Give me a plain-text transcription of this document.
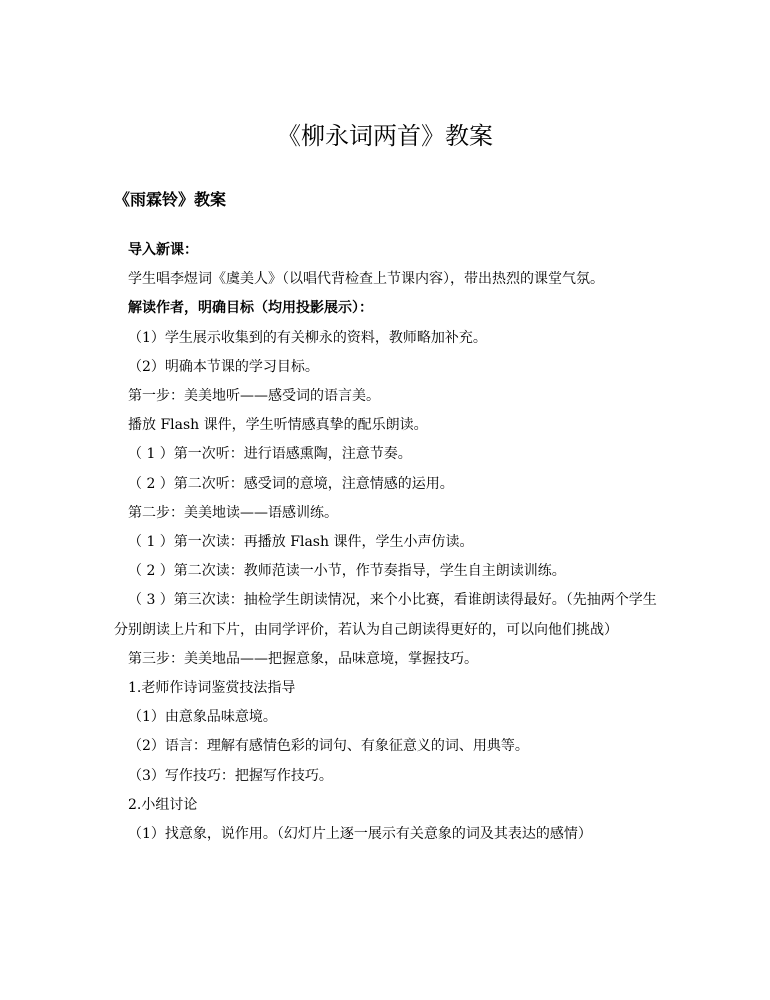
《柳永词两首》教案
《雨霖铃》教案

导入新课：

学生唱李煜词《虞美人》（以唱代背检查上节课内容），带出热烈的课堂气氛。

解读作者，明确目标（均用投影展示）：

（1）学生展示收集到的有关柳永的资料，教师略加补充。

（2）明确本节课的学习目标。

第一步：美美地听——感受词的语言美。

播放 Flash 课件，学生听情感真挚的配乐朗读。

（ 1 ）第一次听：进行语感熏陶，注意节奏。

（ 2 ）第二次听：感受词的意境，注意情感的运用。

第二步：美美地读——语感训练。

（ 1 ）第一次读：再播放 Flash 课件，学生小声仿读。

（ 2 ）第二次读：教师范读一小节，作节奏指导，学生自主朗读训练。

（ 3 ）第三次读：抽检学生朗读情况，来个小比赛，看谁朗读得最好。（先抽两个学生分别朗读上片和下片，由同学评价，若认为自己朗读得更好的，可以向他们挑战）

第三步：美美地品——把握意象，品味意境，掌握技巧。

1.老师作诗词鉴赏技法指导

（1）由意象品味意境。

（2）语言：理解有感情色彩的词句、有象征意义的词、用典等。

（3）写作技巧：把握写作技巧。

2.小组讨论

（1）找意象，说作用。（幻灯片上逐一展示有关意象的词及其表达的感情）
